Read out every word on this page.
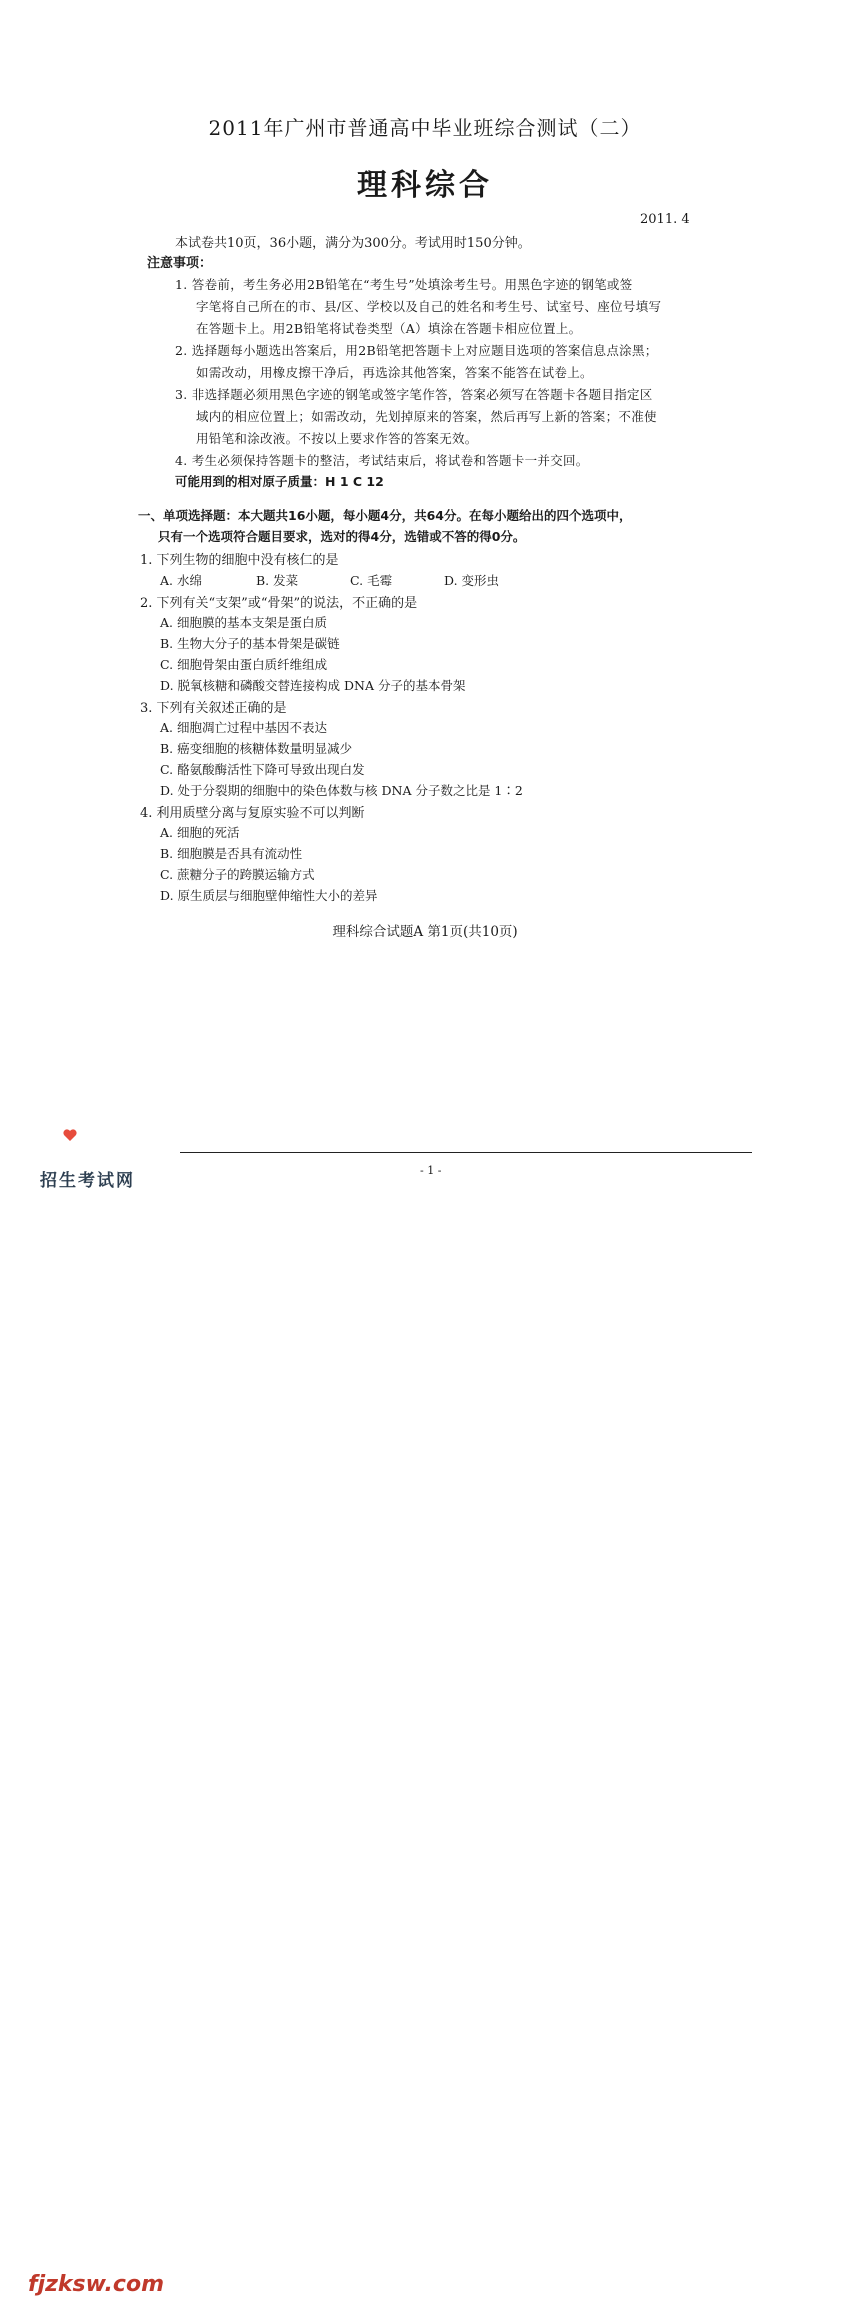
2011年广州市普通高中毕业班综合测试（二）
理科综合
2011. 4
本试卷共10页，36小题，满分为300分。考试用时150分钟。
注意事项：
1. 答卷前，考生务必用2B铅笔在“考生号”处填涂考生号。用黑色字迹的钢笔或签
字笔将自己所在的市、县/区、学校以及自己的姓名和考生号、试室号、座位号填写
在答题卡上。用2B铅笔将试卷类型（A）填涂在答题卡相应位置上。
2. 选择题每小题选出答案后，用2B铅笔把答题卡上对应题目选项的答案信息点涂黑；
如需改动，用橡皮擦干净后，再选涂其他答案，答案不能答在试卷上。
3. 非选择题必须用黑色字迹的钢笔或签字笔作答，答案必须写在答题卡各题目指定区
域内的相应位置上；如需改动，先划掉原来的答案，然后再写上新的答案；不准使
用铅笔和涂改液。不按以上要求作答的答案无效。
4. 考生必须保持答题卡的整洁，考试结束后，将试卷和答题卡一并交回。
可能用到的相对原子质量：H 1 C 12
一、单项选择题：本大题共16小题，每小题4分，共64分。在每小题给出的四个选项中，
只有一个选项符合题目要求，选对的得4分，选错或不答的得0分。
1. 下列生物的细胞中没有核仁的是
A. 水绵	B. 发菜	C. 毛霉	D. 变形虫
2. 下列有关“支架”或“骨架”的说法，不正确的是
A. 细胞膜的基本支架是蛋白质
B. 生物大分子的基本骨架是碳链
C. 细胞骨架由蛋白质纤维组成
D. 脱氧核糖和磷酸交替连接构成 DNA 分子的基本骨架
3. 下列有关叙述正确的是
A. 细胞凋亡过程中基因不表达
B. 癌变细胞的核糖体数量明显减少
C. 酪氨酸酶活性下降可导致出现白发
D. 处于分裂期的细胞中的染色体数与核 DNA 分子数之比是 1∶2
4. 利用质壁分离与复原实验不可以判断
A. 细胞的死活
B. 细胞膜是否具有流动性
C. 蔗糖分子的跨膜运输方式
D. 原生质层与细胞壁伸缩性大小的差异
理科综合试题A 第1页(共10页)
- 1 -
fjzksw.com
招生考试网
